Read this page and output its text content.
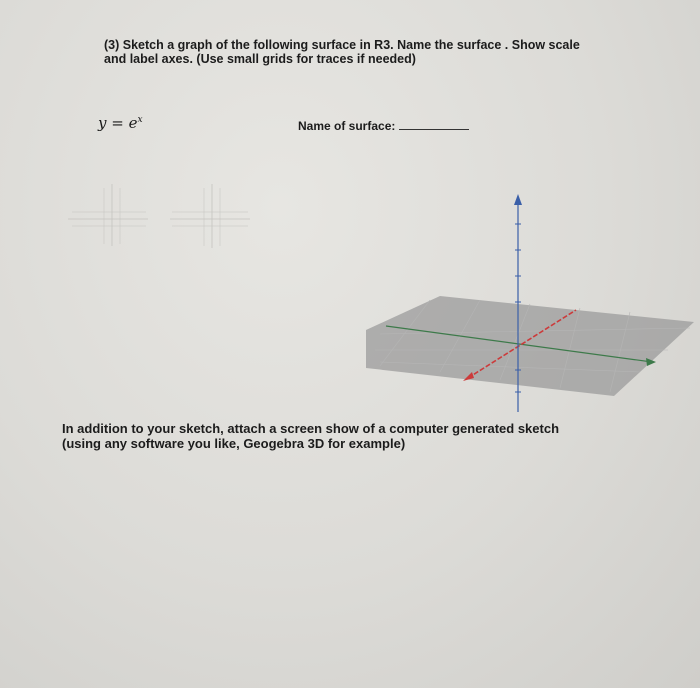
(3) Sketch a graph of the following surface in R3. Name the surface . Show scale
and label axes. (Use small grids for traces if needed)
$y = e^x$	Name of surface:
In addition to your sketch, attach a screen show of a computer generated sketch
(using any software you like, Geogebra 3D for example)
